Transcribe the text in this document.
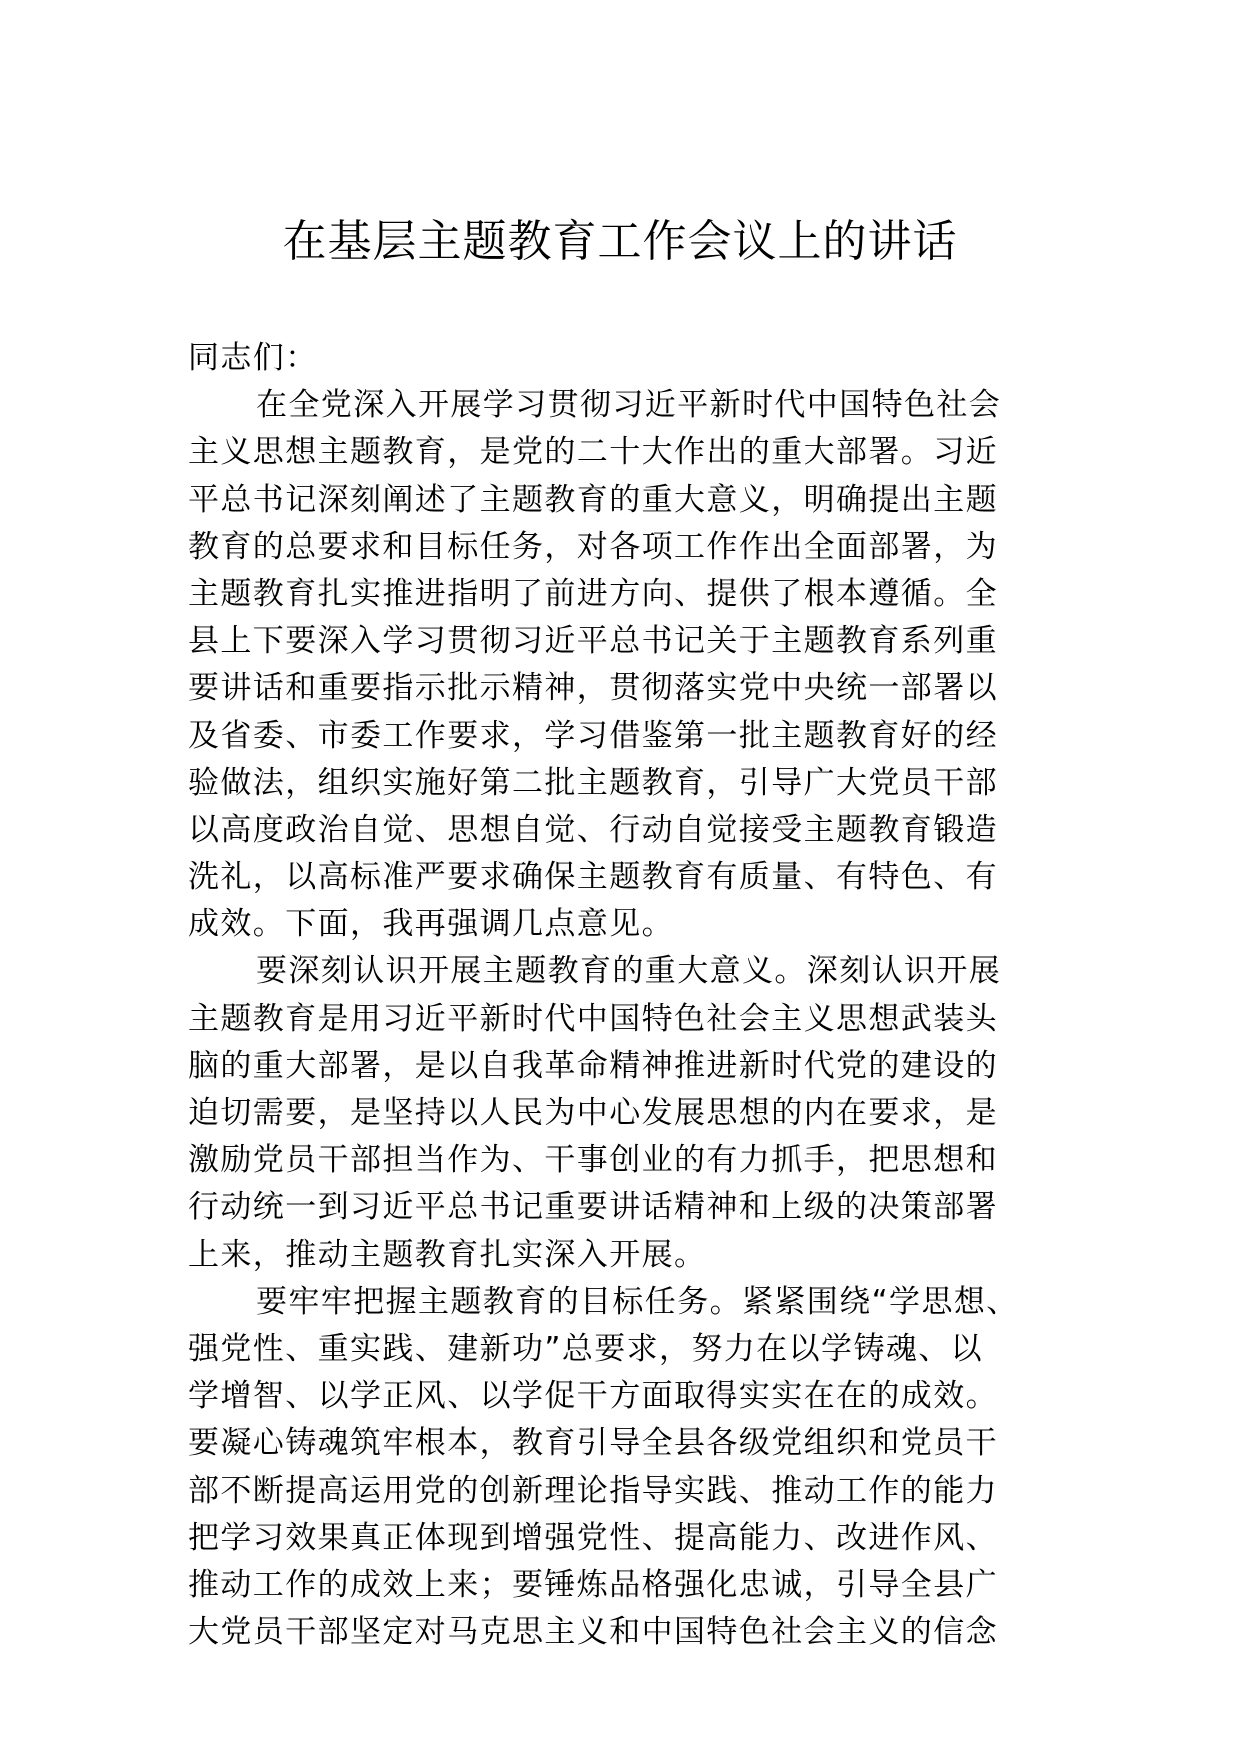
在基层主题教育工作会议上的讲话
同志们：
在全党深入开展学习贯彻习近平新时代中国特色社会
主义思想主题教育，是党的二十大作出的重大部署。习近
平总书记深刻阐述了主题教育的重大意义，明确提出主题
教育的总要求和目标任务，对各项工作作出全面部署，为
主题教育扎实推进指明了前进方向、提供了根本遵循。全
县上下要深入学习贯彻习近平总书记关于主题教育系列重
要讲话和重要指示批示精神，贯彻落实党中央统一部署以
及省委、市委工作要求，学习借鉴第一批主题教育好的经
验做法，组织实施好第二批主题教育，引导广大党员干部
以高度政治自觉、思想自觉、行动自觉接受主题教育锻造
洗礼，以高标准严要求确保主题教育有质量、有特色、有
成效。下面，我再强调几点意见。
要深刻认识开展主题教育的重大意义。深刻认识开展
主题教育是用习近平新时代中国特色社会主义思想武装头
脑的重大部署，是以自我革命精神推进新时代党的建设的
迫切需要，是坚持以人民为中心发展思想的内在要求，是
激励党员干部担当作为、干事创业的有力抓手，把思想和
行动统一到习近平总书记重要讲话精神和上级的决策部署
上来，推动主题教育扎实深入开展。
要牢牢把握主题教育的目标任务。紧紧围绕“学思想、
强党性、重实践、建新功”总要求，努力在以学铸魂、以
学增智、以学正风、以学促干方面取得实实在在的成效。
要凝心铸魂筑牢根本，教育引导全县各级党组织和党员干
部不断提高运用党的创新理论指导实践、推动工作的能力
把学习效果真正体现到增强党性、提高能力、改进作风、
推动工作的成效上来；要锤炼品格强化忠诚，引导全县广
大党员干部坚定对马克思主义和中国特色社会主义的信念
